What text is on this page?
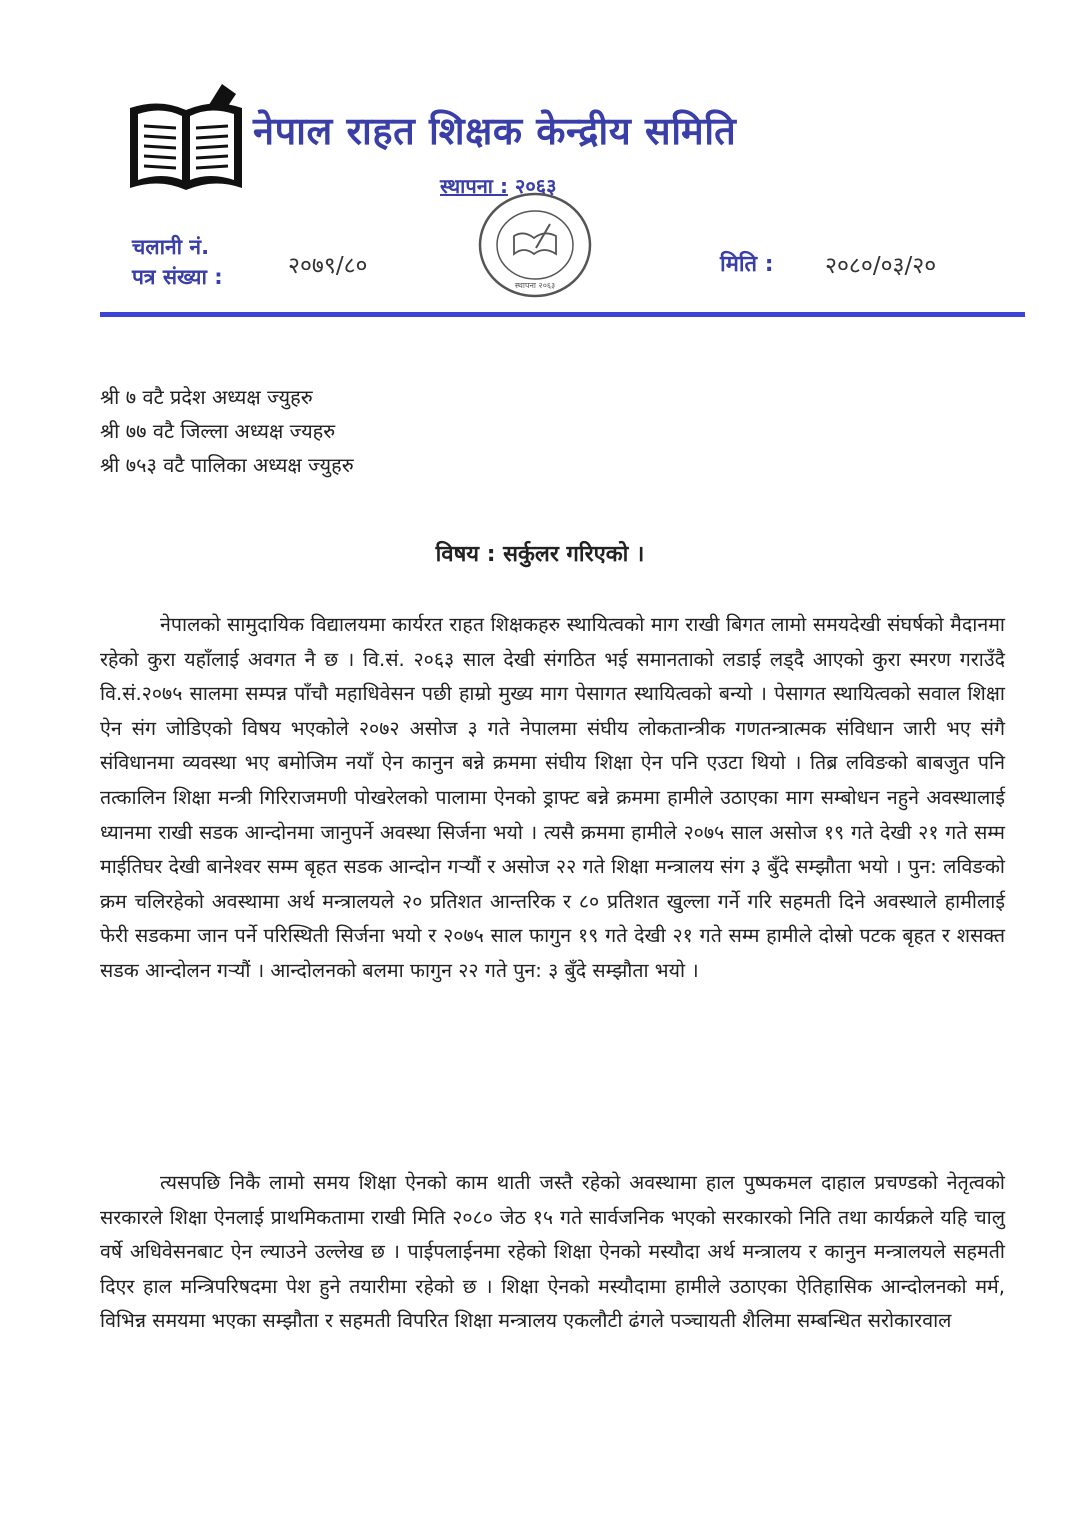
नेपाल राहत शिक्षक केन्द्रीय समिति
स्थापना : २०६३
चलानी नं.
पत्र संख्या :	२०७९/८०
स्थापना २०६३
मिति : २०८०/०३/२०
श्री ७ वटै प्रदेश अध्यक्ष ज्युहरु
श्री ७७ वटै जिल्ला अध्यक्ष ज्यहरु
श्री ७५३ वटै पालिका अध्यक्ष ज्युहरु
विषय : सर्कुलर गरिएको ।
नेपालको सामुदायिक विद्यालयमा कार्यरत राहत शिक्षकहरु स्थायित्वको माग राखी बिगत लामो समयदेखी संघर्षको मैदानमा रहेको कुरा यहाँलाई अवगत नै छ । वि.सं. २०६३ साल देखी संगठित भई समानताको लडाई लड्दै आएको कुरा स्मरण गराउँदै वि.सं.२०७५ सालमा सम्पन्न पाँचौ महाधिवेसन पछी हाम्रो मुख्य माग पेसागत स्थायित्वको बन्यो । पेसागत स्थायित्वको सवाल शिक्षा ऐन संग जोडिएको विषय भएकोले २०७२ असोज ३ गते नेपालमा संघीय लोकतान्त्रीक गणतन्त्रात्मक संविधान जारी भए संगै संविधानमा व्यवस्था भए बमोजिम नयाँ ऐन कानुन बन्ने क्रममा संघीय शिक्षा ऐन पनि एउटा थियो । तिब्र लविङको बाबजुत पनि तत्कालिन शिक्षा मन्त्री गिरिराजमणी पोखरेलको पालामा ऐनको ड्राफ्ट बन्ने क्रममा हामीले उठाएका माग सम्बोधन नहुने अवस्थालाई ध्यानमा राखी सडक आन्दोनमा जानुपर्ने अवस्था सिर्जना भयो । त्यसै क्रममा हामीले २०७५ साल असोज १९ गते देखी २१ गते सम्म माईतिघर देखी बानेश्वर सम्म बृहत सडक आन्दोन गर्‍यौं र असोज २२ गते शिक्षा मन्त्रालय संग ३ बुँदे सम्झौता भयो । पुन: लविङको क्रम चलिरहेको अवस्थामा अर्थ मन्त्रालयले २० प्रतिशत आन्तरिक र ८० प्रतिशत खुल्ला गर्ने गरि सहमती दिने अवस्थाले हामीलाई फेरी सडकमा जान पर्ने परिस्थिती सिर्जना भयो र २०७५ साल फागुन १९ गते देखी २१ गते सम्म हामीले दोस्रो पटक बृहत र शसक्त सडक आन्दोलन गर्‍यौं । आन्दोलनको बलमा फागुन २२ गते पुन: ३ बुँदे सम्झौता भयो ।
त्यसपछि निकै लामो समय शिक्षा ऐनको काम थाती जस्तै रहेको अवस्थामा हाल पुष्पकमल दाहाल प्रचण्डको नेतृत्वको सरकारले शिक्षा ऐनलाई प्राथमिकतामा राखी मिति २०८० जेठ १५ गते सार्वजनिक भएको सरकारको निति तथा कार्यक्रले यहि चालु वर्षे अधिवेसनबाट ऐन ल्याउने उल्लेख छ । पाईपलाईनमा रहेको शिक्षा ऐनको मस्यौदा अर्थ मन्त्रालय र कानुन मन्त्रालयले सहमती दिएर हाल मन्त्रिपरिषदमा पेश हुने तयारीमा रहेको छ । शिक्षा ऐनको मस्यौदामा हामीले उठाएका ऐतिहासिक आन्दोलनको मर्म, विभिन्न समयमा भएका सम्झौता र सहमती विपरित शिक्षा मन्त्रालय एकलौटी ढंगले पञ्चायती शैलिमा सम्बन्धित सरोकारवाल
